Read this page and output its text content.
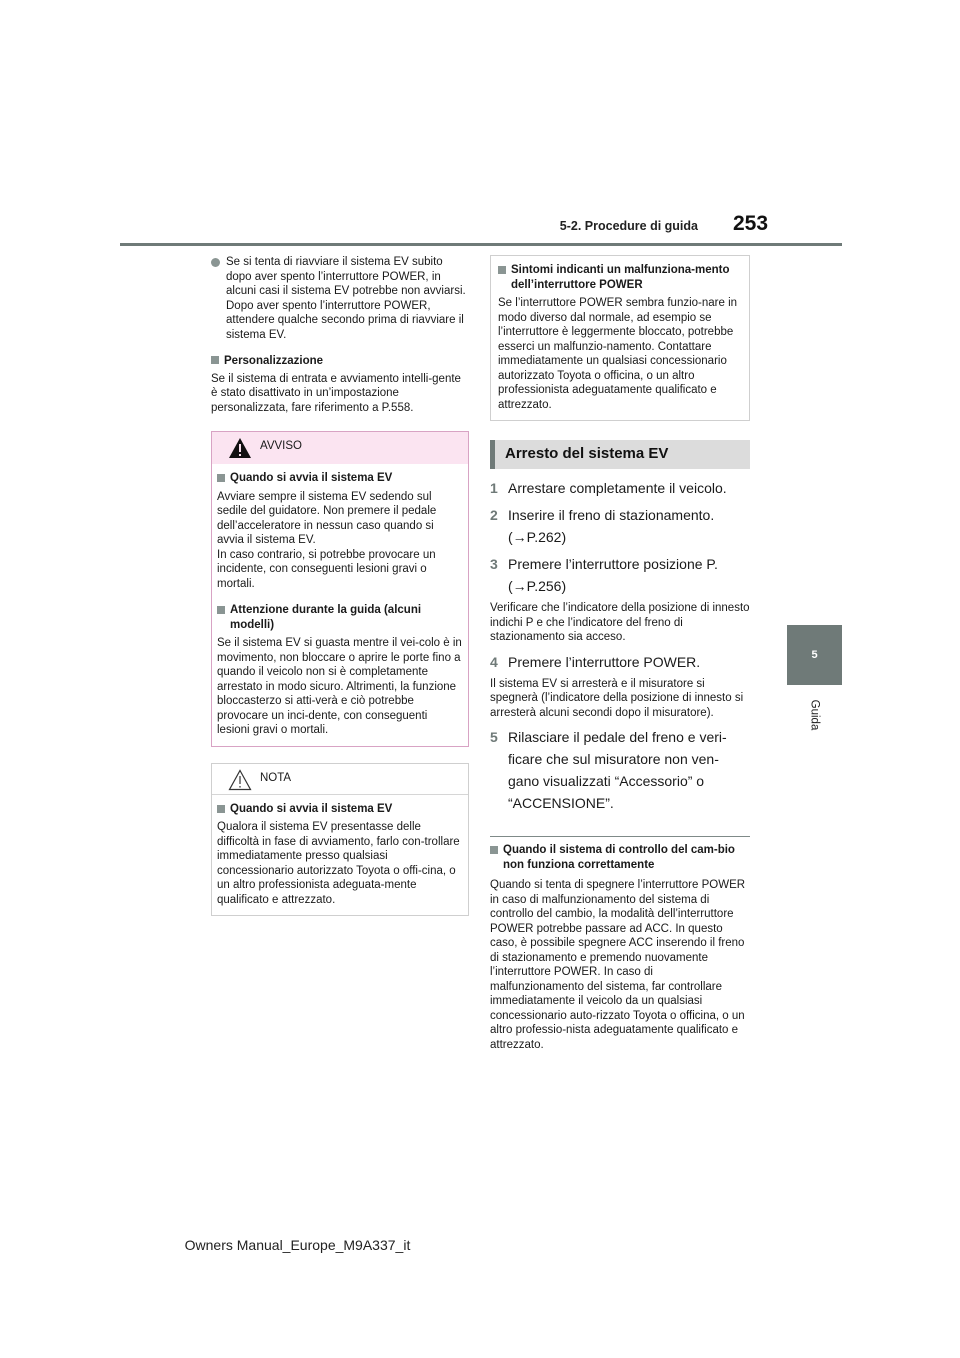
5-2. Procedure di guida 253
5
Guida

Se si tenta di riavviare il sistema EV subito dopo aver spento l’interruttore POWER, in alcuni casi il sistema EV potrebbe non avviarsi. Dopo aver spento l’interruttore POWER, attendere qualche secondo prima di riavviare il sistema EV.

Personalizzazione

Se il sistema di entrata e avviamento intelli-gente è stato disattivato in un’impostazione personalizzata, fare riferimento a P.558.

AVVISO

Quando si avvia il sistema EV

Avviare sempre il sistema EV sedendo sul sedile del guidatore. Non premere il pedale dell’acceleratore in nessun caso quando si avvia il sistema EV.

In caso contrario, si potrebbe provocare un incidente, con conseguenti lesioni gravi o mortali.

Attenzione durante la guida (alcuni modelli)

Se il sistema EV si guasta mentre il vei-colo è in movimento, non bloccare o aprire le porte fino a quando il veicolo non si è completamente arrestato in modo sicuro. Altrimenti, la funzione bloccasterzo si atti-verà e ciò potrebbe provocare un inci-dente, con conseguenti lesioni gravi o mortali.

NOTA

Quando si avvia il sistema EV

Qualora il sistema EV presentasse delle difficoltà in fase di avviamento, farlo con-trollare immediatamente presso qualsiasi concessionario autorizzato Toyota o offi-cina, o un altro professionista adeguata-mente qualificato e attrezzato.

Sintomi indicanti un malfunziona-mento dell’interruttore POWER

Se l’interruttore POWER sembra funzio-nare in modo diverso dal normale, ad esempio se l’interruttore è leggermente bloccato, potrebbe esserci un malfunzio-namento. Contattare immediatamente un qualsiasi concessionario autorizzato Toyota o officina, o un altro professionista adeguatamente qualificato e attrezzato.

Arresto del sistema EV
1 Arrestare completamente il veicolo.

2 Inserire il freno di stazionamento.

(→P.262)

3 Premere l’interruttore posizione P.

(→P.256)

Verificare che l’indicatore della posizione di innesto indichi P e che l’indicatore del freno di stazionamento sia acceso.

4 Premere l’interruttore POWER.

Il sistema EV si arresterà e il misuratore si spegnerà (l’indicatore della posizione di innesto si arresterà alcuni secondi dopo il misuratore).

5 Rilasciare il pedale del freno e veri-ficare che sul misuratore non ven-gano visualizzati “Accessorio” o “ACCENSIONE”.

Quando il sistema di controllo del cam-bio non funziona correttamente

Quando si tenta di spegnere l’interruttore POWER in caso di malfunzionamento del sistema di controllo del cambio, la modalità dell’interruttore POWER potrebbe passare ad ACC. In questo caso, è possibile spegnere ACC inserendo il freno di stazionamento e premendo nuovamente l’interruttore POWER. In caso di malfunzionamento del sistema, far controllare immediatamente il veicolo da un qualsiasi concessionario auto-rizzato Toyota o officina, o un altro professio-nista adeguatamente qualificato e attrezzato.

Owners Manual_Europe_M9A337_it
